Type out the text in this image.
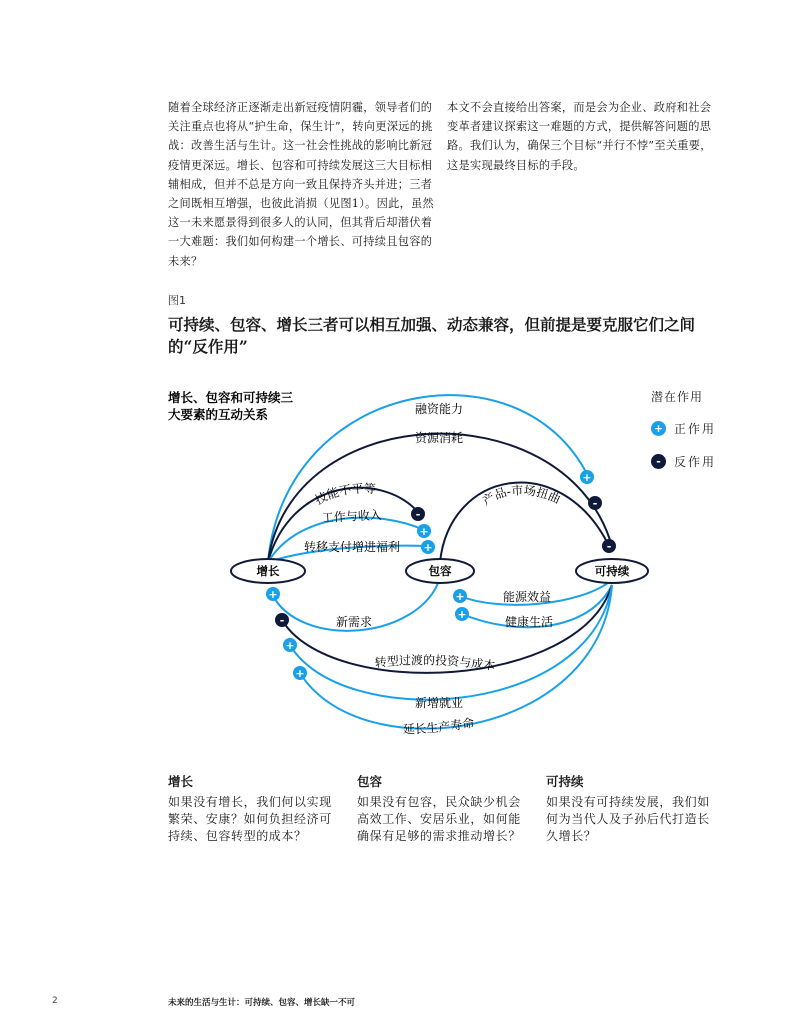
随着全球经济正逐渐走出新冠疫情阴霾，领导者们的关注重点也将从“护生命，保生计”，转向更深远的挑战：改善生活与生计。这一社会性挑战的影响比新冠疫情更深远。增长、包容和可持续发展这三大目标相辅相成，但并不总是方向一致且保持齐头并进；三者之间既相互增强，也彼此消损（见图1）。因此，虽然这一未来愿景得到很多人的认同，但其背后却潜伏着一大难题：我们如何构建一个增长、可持续且包容的未来？
本文不会直接给出答案，而是会为企业、政府和社会变革者建议探索这一难题的方式，提供解答问题的思路。我们认为，确保三个目标“并行不悖”至关重要，这是实现最终目标的手段。
图1
可持续、包容、增长三者可以相互加强、动态兼容，但前提是要克服它们之间的“反作用”
增长、包容和可持续三
大要素的互动关系	融资能力
资源消耗
技能不平等
工作与收入
转移支付增进福利
产品-市场扭曲
能源效益
健康生活
新需求
转型过渡的投资与成本
新增就业
延长生产寿命
增长	包容	可持续
+
-
-
+
+	-
+	+
+
-
+
+
潜在作用
+ 正作用
-	反作用
增长
如果没有增长，我们何以实现繁荣、安康？如何负担经济可持续、包容转型的成本？
包容
如果没有包容，民众缺少机会高效工作、安居乐业，如何能确保有足够的需求推动增长？
可持续
如果没有可持续发展，我们如何为当代人及子孙后代打造长久增长？
2	未来的生活与生计：可持续、包容、增长缺一不可
